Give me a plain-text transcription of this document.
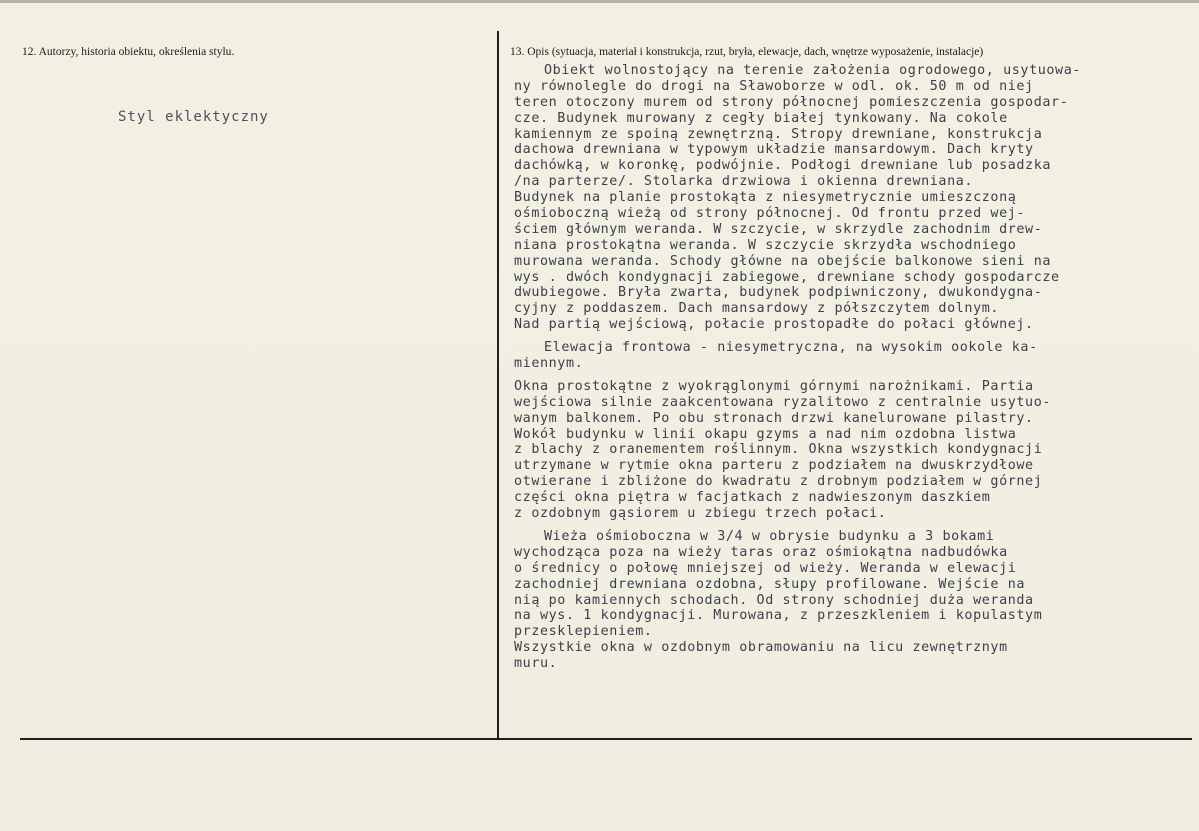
12. Autorzy, historia obiektu, określenia stylu.
Styl eklektyczny
13. Opis (sytuacja, materiał i konstrukcja, rzut, bryła, elewacje, dach, wnętrze wyposażenie, instalacje)
Obiekt wolnostojący na terenie założenia ogrodowego, usytuowa-
ny równolegle do drogi na Sławoborze w odl. ok. 50 m od niej
teren otoczony murem od strony północnej pomieszczenia gospodar-
cze. Budynek murowany z cegły białej tynkowany. Na cokole
kamiennym ze spoiną zewnętrzną. Stropy drewniane, konstrukcja
dachowa drewniana w typowym układzie mansardowym. Dach kryty
dachówką, w koronkę, podwójnie. Podłogi drewniane lub posadzka
/na parterze/. Stolarka drzwiowa i okienna drewniana.
Budynek na planie prostokąta z niesymetrycznie umieszczoną
ośmioboczną wieżą od strony północnej. Od frontu przed wej-
ściem głównym weranda. W szczycie, w skrzydle zachodnim drew-
niana prostokątna weranda. W szczycie skrzydła wschodniego
murowana weranda. Schody główne na obejście balkonowe sieni na
wys . dwóch kondygnacji zabiegowe, drewniane schody gospodarcze
dwubiegowe. Bryła zwarta, budynek podpiwniczony, dwukondygna-
cyjny z poddaszem. Dach mansardowy z półszczytem dolnym.
Nad partią wejściową, połacie prostopadłe do połaci głównej.
Elewacja frontowa - niesymetryczna, na wysokim ookole ka-
miennym.
Okna prostokątne z wyokrąglonymi górnymi narożnikami. Partia
wejściowa silnie zaakcentowana ryzalitowo z centralnie usytuo-
wanym balkonem. Po obu stronach drzwi kanelurowane pilastry.
Wokół budynku w linii okapu gzyms a nad nim ozdobna listwa
z blachy z oranementem roślinnym. Okna wszystkich kondygnacji
utrzymane w rytmie okna parteru z podziałem na dwuskrzydłowe
otwierane i zbliżone do kwadratu z drobnym podziałem w górnej
części okna piętra w facjatkach z nadwieszonym daszkiem
z ozdobnym gąsiorem u zbiegu trzech połaci.
Wieża ośmioboczna w 3/4 w obrysie budynku a 3 bokami
wychodząca poza na wieży taras oraz ośmiokątna nadbudówka
o średnicy o połowę mniejszej od wieży. Weranda w elewacji
zachodniej drewniana ozdobna, słupy profilowane. Wejście na
nią po kamiennych schodach. Od strony schodniej duża weranda
na wys. 1 kondygnacji. Murowana, z przeszkleniem i kopulastym
przesklepieniem.
Wszystkie okna w ozdobnym obramowaniu na licu zewnętrznym
muru.
